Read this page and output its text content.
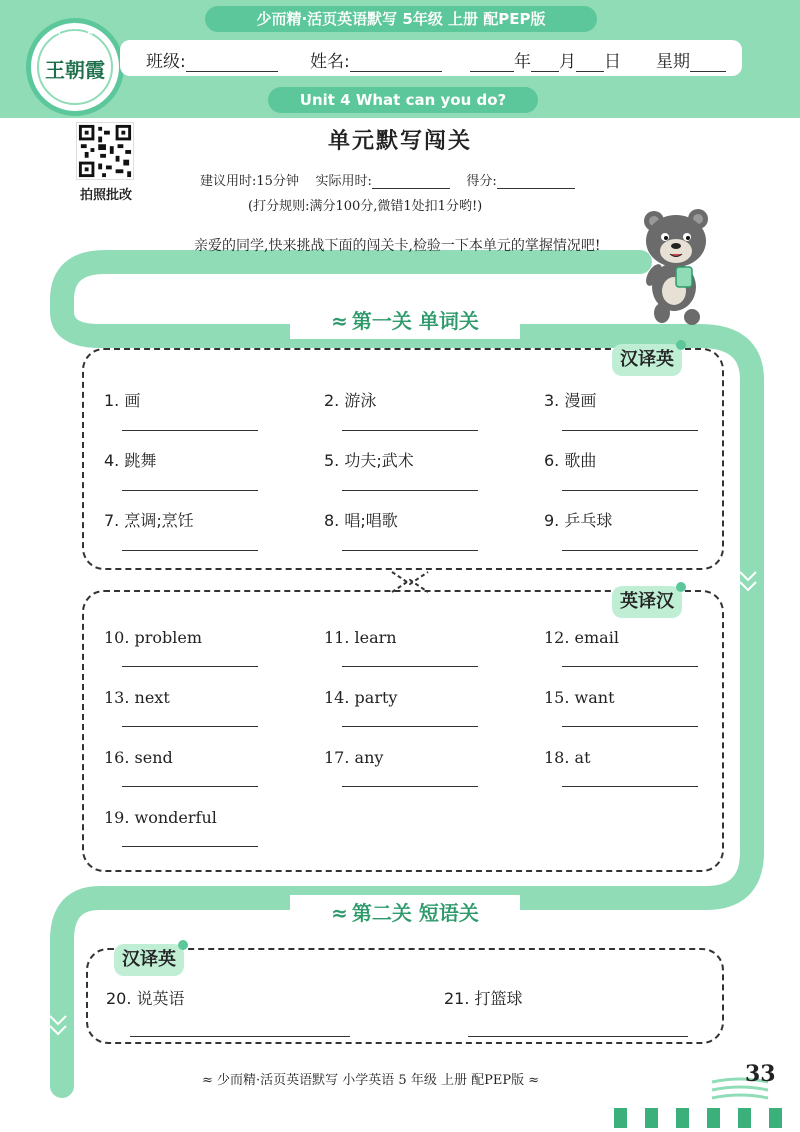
少而精·活页英语默写 5年级 上册 配PEP版
★ ★ ★
王朝霞	班级:	姓名:	年 月 日 星期
Unit 4 What can you do?
拍照批改
单元默写闯关
建议用时:15分钟 实际用时:	得分:
(打分规则:满分100分,微错1处扣1分哟!)

亲爱的同学,快来挑战下面的闯关卡,检验一下本单元的掌握情况吧!

≈ 第一关 单词关
汉译英
1. 画	2. 游泳	3. 漫画
4. 跳舞	5. 功夫;武术	6. 歌曲
7. 烹调;烹饪	8. 唱;唱歌	9. 乒乓球
英译汉
10. problem	11. learn	12. email
13. next	14. party	15. want
16. send	17. any	18. at
19. wonderful
≈ 第二关 短语关
汉译英
20. 说英语	21. 打篮球
≈ 少而精·活页英语默写 小学英语 5 年级 上册 配PEP版 ≈	33
